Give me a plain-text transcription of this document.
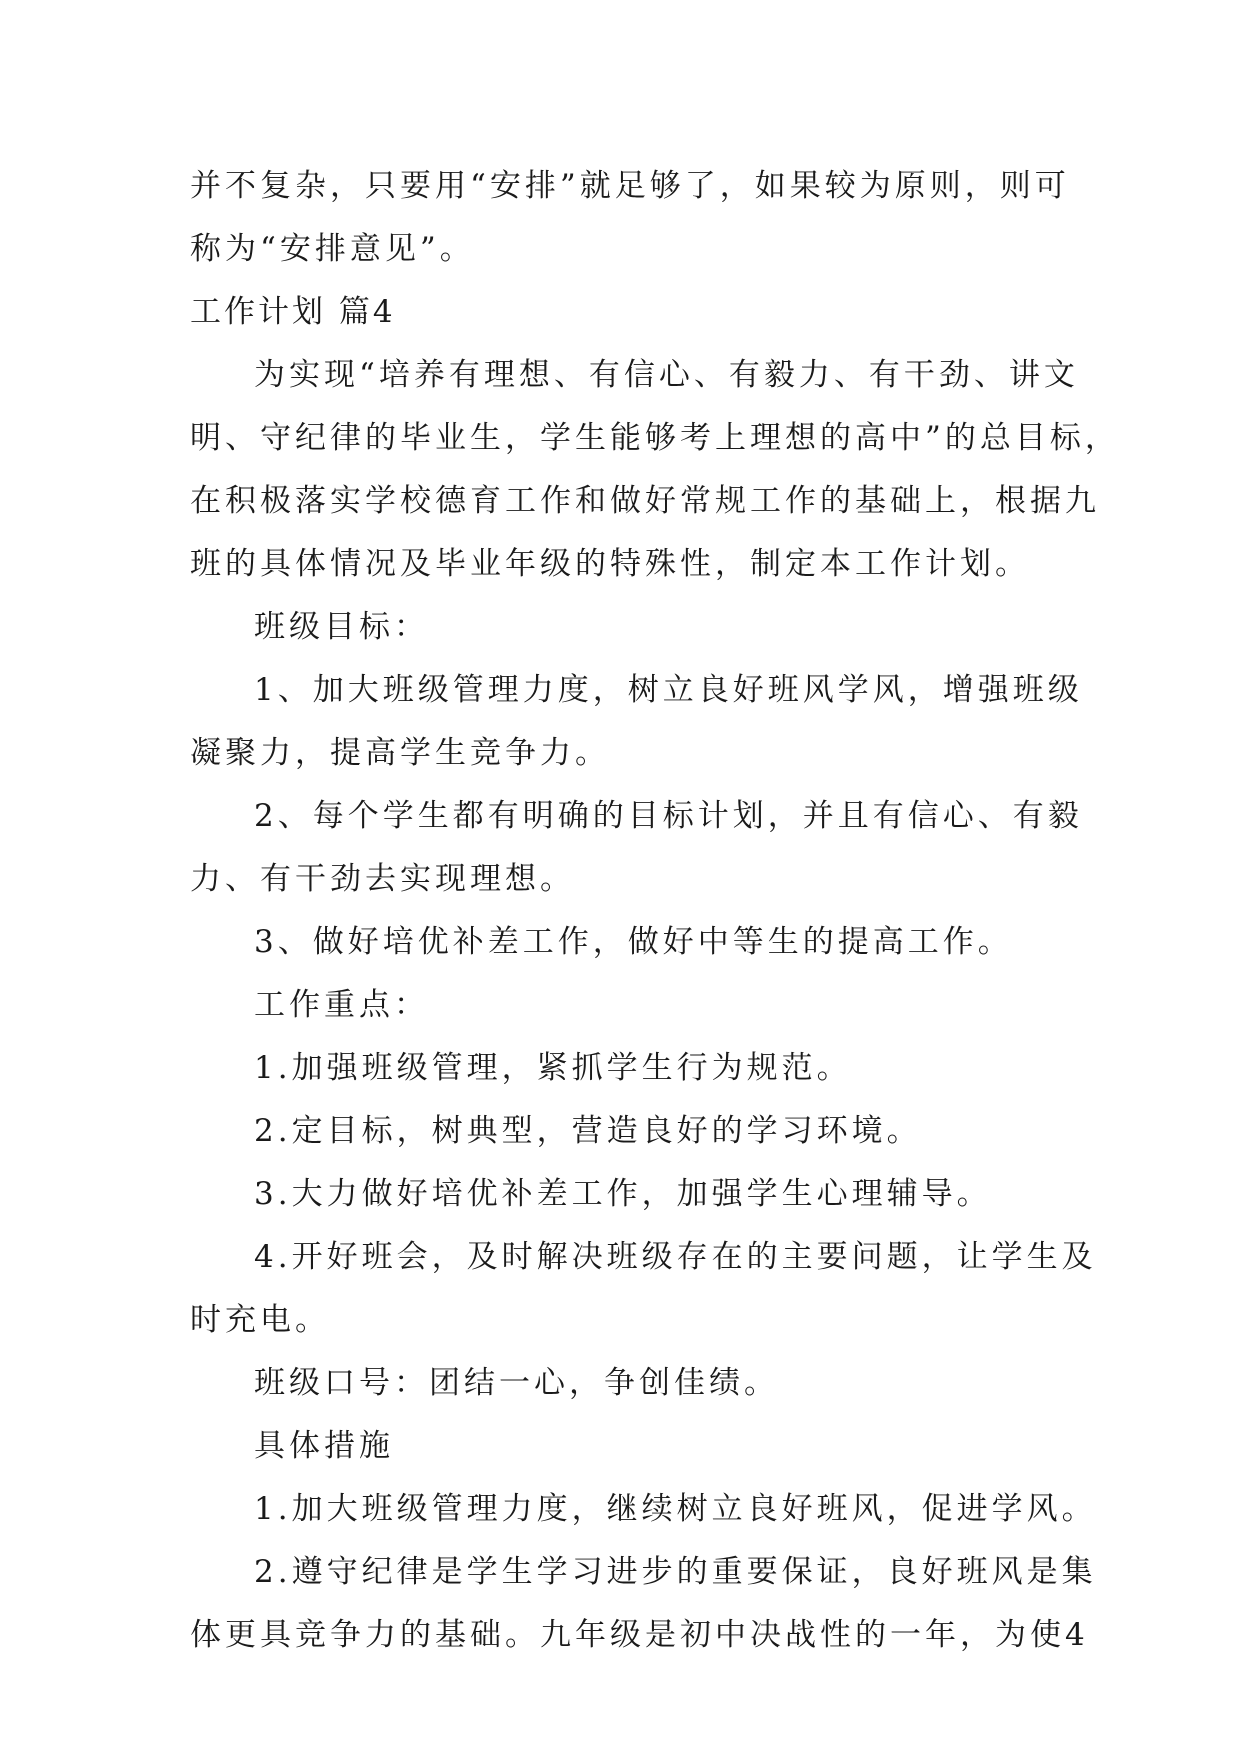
并不复杂，只要用“安排”就足够了，如果较为原则，则可
称为“安排意见”。
工作计划 篇4
为实现“培养有理想、有信心、有毅力、有干劲、讲文
明、守纪律的毕业生，学生能够考上理想的高中”的总目标，
在积极落实学校德育工作和做好常规工作的基础上，根据九
班的具体情况及毕业年级的特殊性，制定本工作计划。
班级目标：
1、加大班级管理力度，树立良好班风学风，增强班级
凝聚力，提高学生竞争力。
2、每个学生都有明确的目标计划，并且有信心、有毅
力、有干劲去实现理想。
3、做好培优补差工作，做好中等生的提高工作。
工作重点：
1.加强班级管理，紧抓学生行为规范。
2.定目标，树典型，营造良好的学习环境。
3.大力做好培优补差工作，加强学生心理辅导。
4.开好班会，及时解决班级存在的主要问题，让学生及
时充电。
班级口号：团结一心，争创佳绩。
具体措施
1.加大班级管理力度，继续树立良好班风，促进学风。
2.遵守纪律是学生学习进步的重要保证，良好班风是集
体更具竞争力的基础。九年级是初中决战性的一年，为使4
